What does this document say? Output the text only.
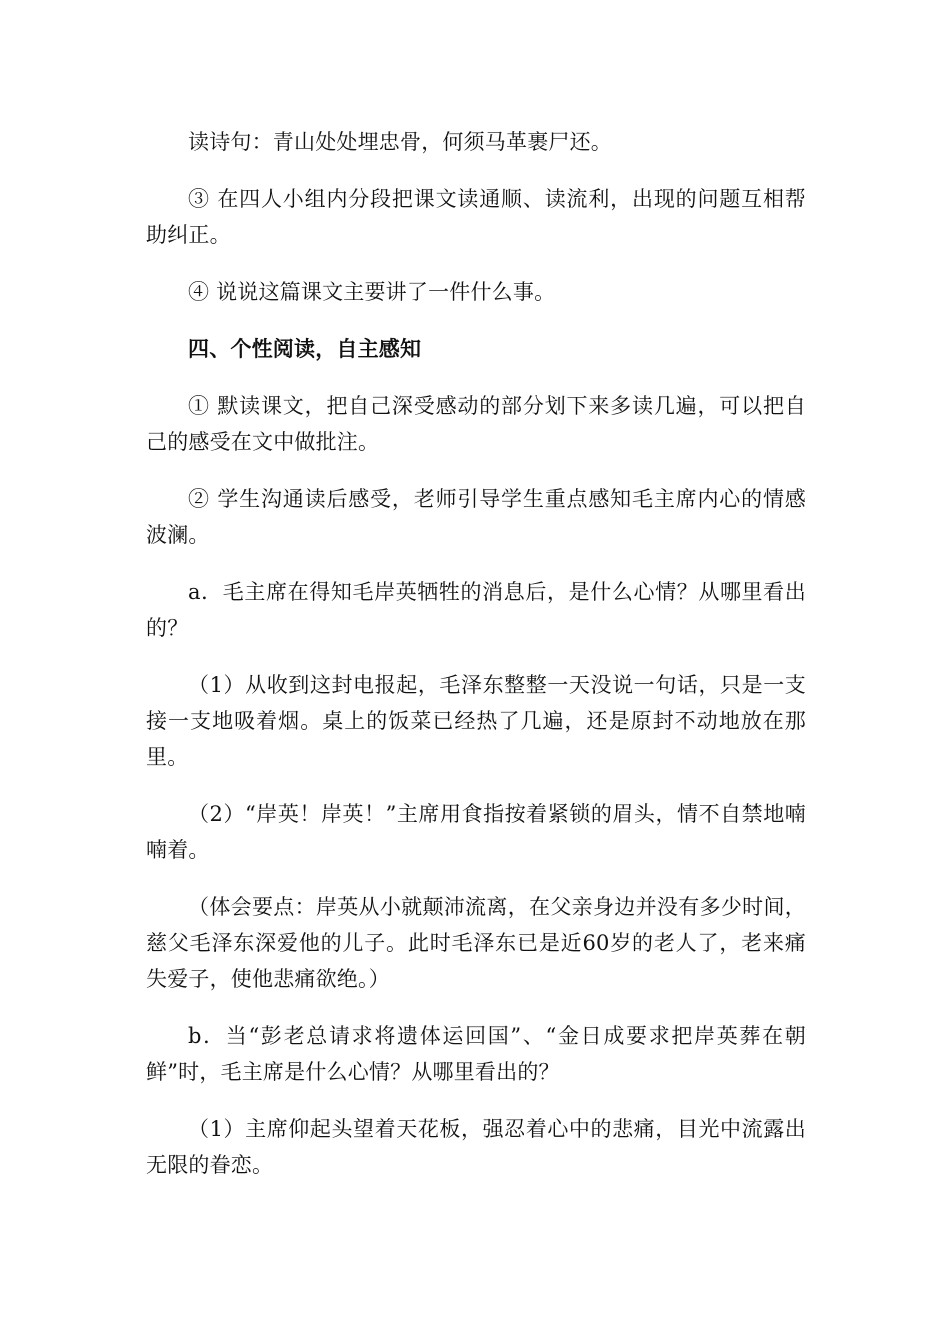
读诗句：青山处处埋忠骨，何须马革裹尸还。

③ 在四人小组内分段把课文读通顺、读流利，出现的问题互相帮助纠正。

④ 说说这篇课文主要讲了一件什么事。

四、个性阅读，自主感知

① 默读课文，把自己深受感动的部分划下来多读几遍，可以把自己的感受在文中做批注。

② 学生沟通读后感受，老师引导学生重点感知毛主席内心的情感波澜。

a．毛主席在得知毛岸英牺牲的消息后，是什么心情？从哪里看出的？

（1）从收到这封电报起，毛泽东整整一天没说一句话，只是一支接一支地吸着烟。桌上的饭菜已经热了几遍，还是原封不动地放在那里。

（2）“岸英！岸英！”主席用食指按着紧锁的眉头，情不自禁地喃喃着。

（体会要点：岸英从小就颠沛流离，在父亲身边并没有多少时间，慈父毛泽东深爱他的儿子。此时毛泽东已是近60岁的老人了，老来痛失爱子，使他悲痛欲绝。）

b．当“彭老总请求将遗体运回国”、“金日成要求把岸英葬在朝鲜”时，毛主席是什么心情？从哪里看出的？

（1）主席仰起头望着天花板，强忍着心中的悲痛，目光中流露出无限的眷恋。
